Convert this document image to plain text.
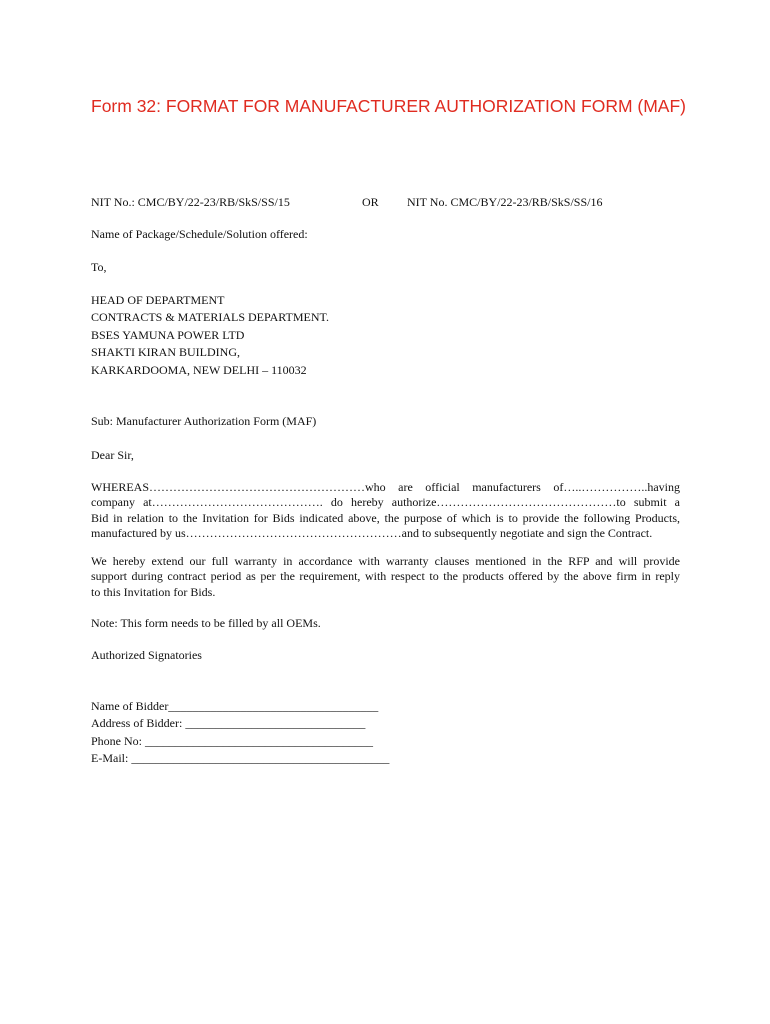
Form 32: FORMAT FOR MANUFACTURER AUTHORIZATION FORM (MAF)
NIT No.: CMC/BY/22-23/RB/SkS/SS/15	OR NIT No. CMC/BY/22-23/RB/SkS/SS/16
Name of Package/Schedule/Solution offered:
To,
HEAD OF DEPARTMENT
CONTRACTS & MATERIALS DEPARTMENT.
BSES YAMUNA POWER LTD
SHAKTI KIRAN BUILDING,
KARKARDOOMA, NEW DELHI – 110032
Sub: Manufacturer Authorization Form (MAF)
Dear Sir,
WHEREAS………………………………………………who are official manufacturers of…..……………..having
company at……………………………………. do hereby authorize………………………………………to submit a
Bid in relation to the Invitation for Bids indicated above, the purpose of which is to provide the following Products,
manufactured by us………………………………………………and to subsequently negotiate and sign the Contract.
We hereby extend our full warranty in accordance with warranty clauses mentioned in the RFP and will provide
support during contract period as per the requirement, with respect to the products offered by the above firm in reply
to this Invitation for Bids.
Note: This form needs to be filled by all OEMs.
Authorized Signatories
Name of Bidder___________________________________
Address of Bidder: ______________________________
Phone No: ______________________________________
E-Mail: ___________________________________________
